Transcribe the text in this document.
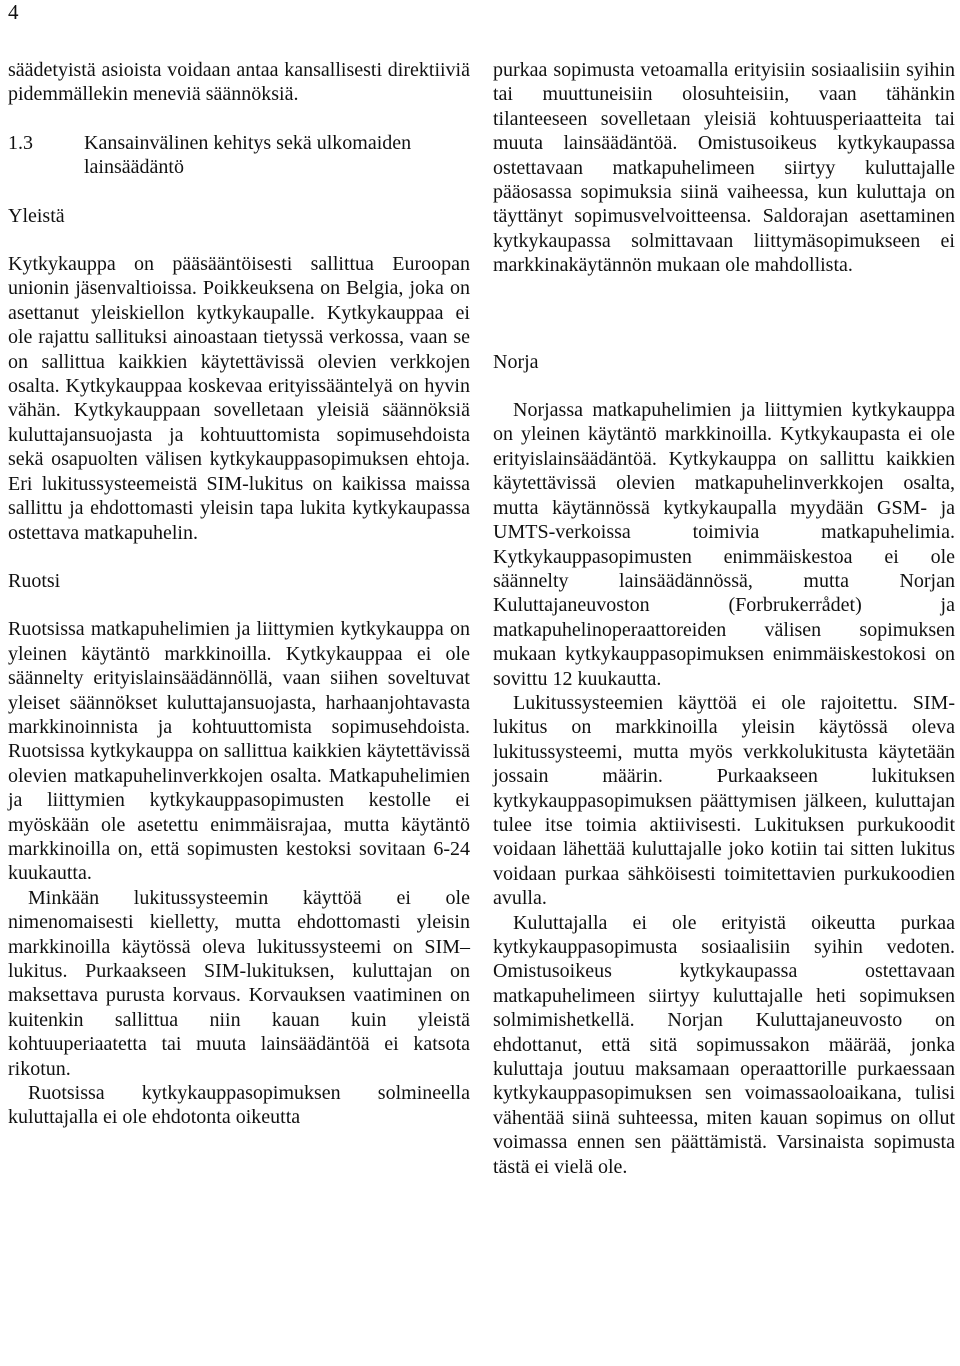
4

säädetyistä asioista voidaan antaa kansallisesti direktiiviä pidemmällekin meneviä säännöksiä.

1.3	Kansainvälinen kehitys sekä ulkomaiden lainsäädäntö

Yleistä

Kytkykauppa on pääsääntöisesti sallittua Euroopan unionin jäsenvaltioissa. Poikkeuksena on Belgia, joka on asettanut yleiskiellon kytkykaupalle. Kytkykauppaa ei ole rajattu sallituksi ainoastaan tietyssä verkossa, vaan se on sallittua kaikkien käytettävissä olevien verkkojen osalta. Kytkykauppaa koskevaa erityissääntelyä on hyvin vähän. Kytkykauppaan sovelletaan yleisiä säännöksiä kuluttajansuojasta ja kohtuuttomista sopimusehdoista sekä osapuolten välisen kytkykauppasopimuksen ehtoja. Eri lukitussysteemeistä SIM-lukitus on kaikissa maissa sallittu ja ehdottomasti yleisin tapa lukita kytkykaupassa ostettava matkapuhelin.

Ruotsi

Ruotsissa matkapuhelimien ja liittymien kytkykauppa on yleinen käytäntö markkinoilla. Kytkykauppaa ei ole säännelty erityislainsäädännöllä, vaan siihen soveltuvat yleiset säännökset kuluttajansuojasta, harhaanjohtavasta markkinoinnista ja kohtuuttomista sopimusehdoista. Ruotsissa kytkykauppa on sallittua kaikkien käytettävissä olevien matkapuhelinverkkojen osalta. Matkapuhelimien ja liittymien kytkykauppasopimusten kestolle ei myöskään ole asetettu enimmäisrajaa, mutta käytäntö markkinoilla on, että sopimusten kestoksi sovitaan 6-24 kuukautta.

Minkään lukitussysteemin käyttöä ei ole nimenomaisesti kielletty, mutta ehdottomasti yleisin markkinoilla käytössä oleva lukitussysteemi on SIM–lukitus. Purkaakseen SIM-lukituksen, kuluttajan on maksettava purusta korvaus. Korvauksen vaatiminen on kuitenkin sallittua niin kauan kuin yleistä kohtuuperiaatetta tai muuta lainsäädäntöä ei katsota rikotun.

Ruotsissa kytkykauppasopimuksen solmineella kuluttajalla ei ole ehdotonta oikeutta

purkaa sopimusta vetoamalla erityisiin sosiaalisiin syihin tai muuttuneisiin olosuhteisiin, vaan tähänkin tilanteeseen sovelletaan yleisiä kohtuusperiaatteita tai muuta lainsäädäntöä. Omistusoikeus kytkykaupassa ostettavaan matkapuhelimeen siirtyy kuluttajalle pääosassa sopimuksia siinä vaiheessa, kun kuluttaja on täyttänyt sopimusvelvoitteensa. Saldorajan asettaminen kytkykaupassa solmittavaan liittymäsopimukseen ei markkinakäytännön mukaan ole mahdollista.

Norja

Norjassa matkapuhelimien ja liittymien kytkykauppa on yleinen käytäntö markkinoilla. Kytkykaupasta ei ole erityislainsäädäntöä. Kytkykauppa on sallittu kaikkien käytettävissä olevien matkapuhelinverkkojen osalta, mutta käytännössä kytkykaupalla myydään GSM- ja UMTS-verkoissa toimivia matkapuhelimia. Kytkykauppasopimusten enimmäiskestoa ei ole säännelty lainsäädännössä, mutta Norjan Kuluttajaneuvoston (Forbrukerrådet) ja matkapuhelinoperaattoreiden välisen sopimuksen mukaan kytkykauppasopimuksen enimmäiskestokosi on sovittu 12 kuukautta.

Lukitussysteemien käyttöä ei ole rajoitettu. SIM-lukitus on markkinoilla yleisin käytössä oleva lukitussysteemi, mutta myös verkkolukitusta käytetään jossain määrin. Purkaakseen lukituksen kytkykauppasopimuksen päättymisen jälkeen, kuluttajan tulee itse toimia aktiivisesti. Lukituksen purkukoodit voidaan lähettää kuluttajalle joko kotiin tai sitten lukitus voidaan purkaa sähköisesti toimitettavien purkukoodien avulla.

Kuluttajalla ei ole erityistä oikeutta purkaa kytkykauppasopimusta sosiaalisiin syihin vedoten. Omistusoikeus kytkykaupassa ostettavaan matkapuhelimeen siirtyy kuluttajalle heti sopimuksen solmimishetkellä. Norjan Kuluttajaneuvosto on ehdottanut, että sitä sopimussakon määrää, jonka kuluttaja joutuu maksamaan operaattorille purkaessaan kytkykauppasopimuksen sen voimassaoloaikana, tulisi vähentää siinä suhteessa, miten kauan sopimus on ollut voimassa ennen sen päättämistä. Varsinaista sopimusta tästä ei vielä ole.
